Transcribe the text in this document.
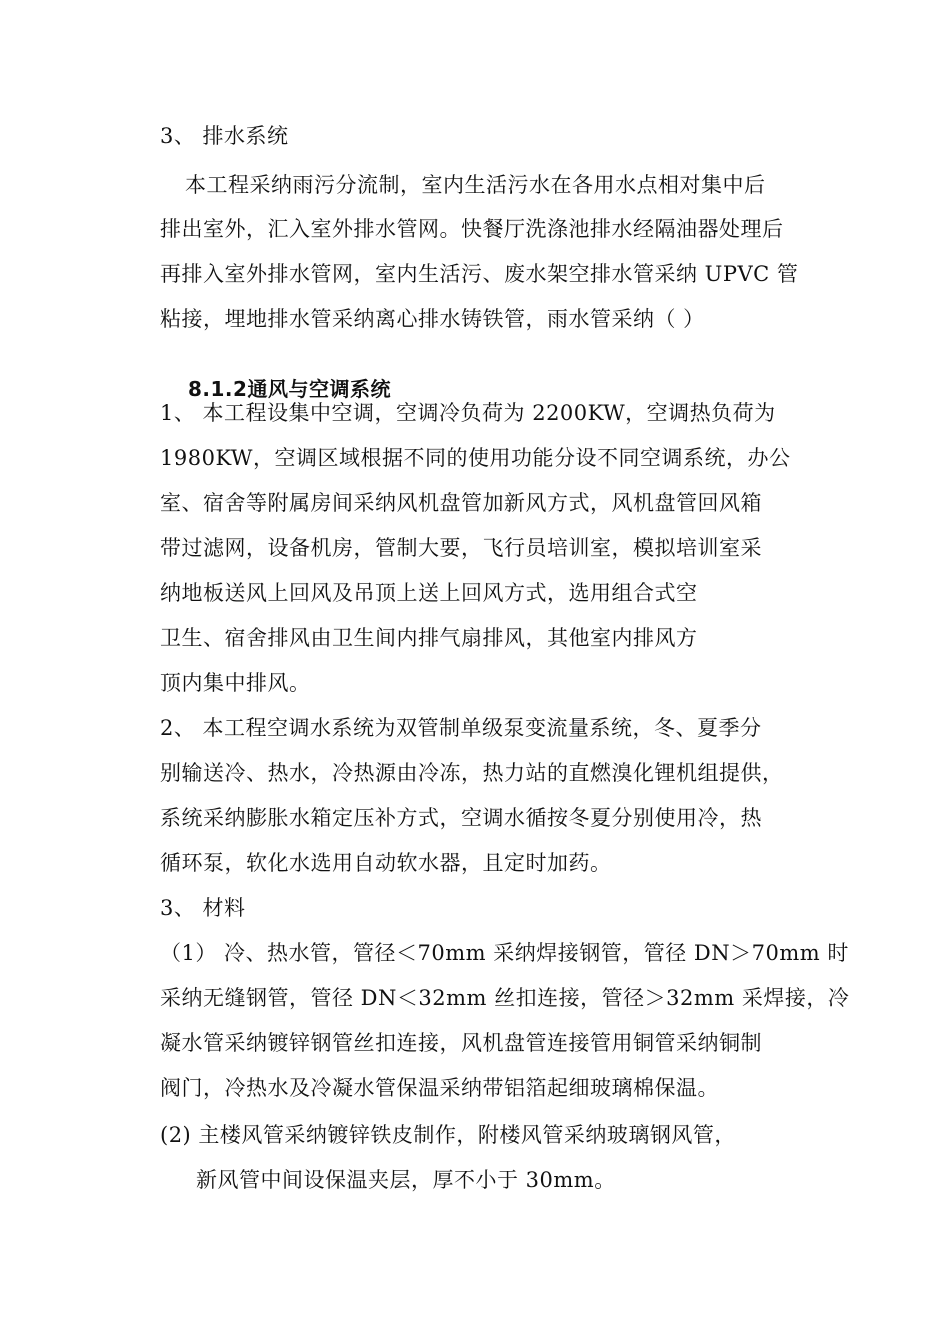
3、 排水系统
本工程采纳雨污分流制，室内生活污水在各用水点相对集中后
排出室外，汇入室外排水管网。快餐厅洗涤池排水经隔油器处理后
再排入室外排水管网，室内生活污、废水架空排水管采纳 UPVC 管
粘接，埋地排水管采纳离心排水铸铁管，雨水管采纳（ ）
8.1.2通风与空调系统
1、 本工程设集中空调，空调冷负荷为 2200KW，空调热负荷为
1980KW，空调区域根据不同的使用功能分设不同空调系统，办公
室、宿舍等附属房间采纳风机盘管加新风方式，风机盘管回风箱
带过滤网，设备机房，管制大要，飞行员培训室，模拟培训室采
纳地板送风上回风及吊顶上送上回风方式，选用组合式空
卫生、宿舍排风由卫生间内排气扇排风，其他室内排风方
顶内集中排风。
2、 本工程空调水系统为双管制单级泵变流量系统，冬、夏季分
别输送冷、热水，冷热源由冷冻，热力站的直燃溴化锂机组提供，
系统采纳膨胀水箱定压补方式，空调水循按冬夏分别使用冷，热
循环泵，软化水选用自动软水器，且定时加药。
3、 材料
（1） 冷、热水管，管径＜70mm 采纳焊接钢管，管径 DN＞70mm 时
采纳无缝钢管，管径 DN＜32mm 丝扣连接，管径＞32mm 采焊接，冷
凝水管采纳镀锌钢管丝扣连接，风机盘管连接管用铜管采纳铜制
阀门，冷热水及冷凝水管保温采纳带铝箔起细玻璃棉保温。
(2) 主楼风管采纳镀锌铁皮制作，附楼风管采纳玻璃钢风管，
新风管中间设保温夹层，厚不小于 30mm。
